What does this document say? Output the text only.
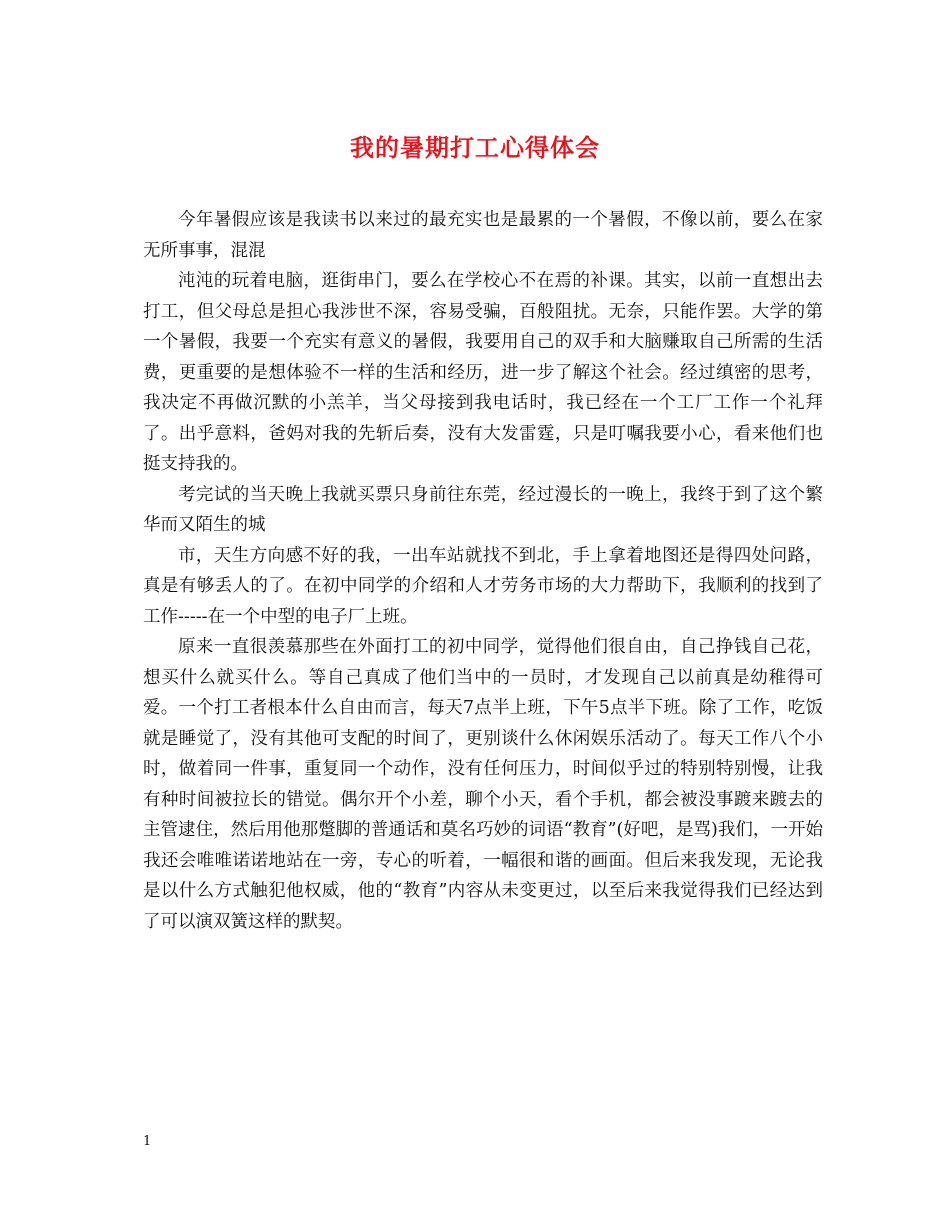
我的暑期打工心得体会

今年暑假应该是我读书以来过的最充实也是最累的一个暑假，不像以前，要么在家无所事事，混混

沌沌的玩着电脑，逛街串门，要么在学校心不在焉的补课。其实，以前一直想出去打工，但父母总是担心我涉世不深，容易受骗，百般阻扰。无奈，只能作罢。大学的第一个暑假，我要一个充实有意义的暑假，我要用自己的双手和大脑赚取自己所需的生活费，更重要的是想体验不一样的生活和经历，进一步了解这个社会。经过缜密的思考，我决定不再做沉默的小羔羊，当父母接到我电话时，我已经在一个工厂工作一个礼拜了。出乎意料，爸妈对我的先斩后奏，没有大发雷霆，只是叮嘱我要小心，看来他们也挺支持我的。

考完试的当天晚上我就买票只身前往东莞，经过漫长的一晚上，我终于到了这个繁华而又陌生的城

市，天生方向感不好的我，一出车站就找不到北，手上拿着地图还是得四处问路，真是有够丢人的了。在初中同学的介绍和人才劳务市场的大力帮助下，我顺利的找到了工作-----在一个中型的电子厂上班。

原来一直很羡慕那些在外面打工的初中同学，觉得他们很自由，自己挣钱自己花，想买什么就买什么。等自己真成了他们当中的一员时，才发现自己以前真是幼稚得可爱。一个打工者根本什么自由而言，每天7点半上班，下午5点半下班。除了工作，吃饭就是睡觉了，没有其他可支配的时间了，更别谈什么休闲娱乐活动了。每天工作八个小时，做着同一件事，重复同一个动作，没有任何压力，时间似乎过的特别特别慢，让我有种时间被拉长的错觉。偶尔开个小差，聊个小天，看个手机，都会被没事踱来踱去的主管逮住，然后用他那蹩脚的普通话和莫名巧妙的词语“教育”(好吧，是骂)我们，一开始我还会唯唯诺诺地站在一旁，专心的听着，一幅很和谐的画面。但后来我发现，无论我是以什么方式触犯他权威，他的“教育”内容从未变更过，以至后来我觉得我们已经达到了可以演双簧这样的默契。

1
